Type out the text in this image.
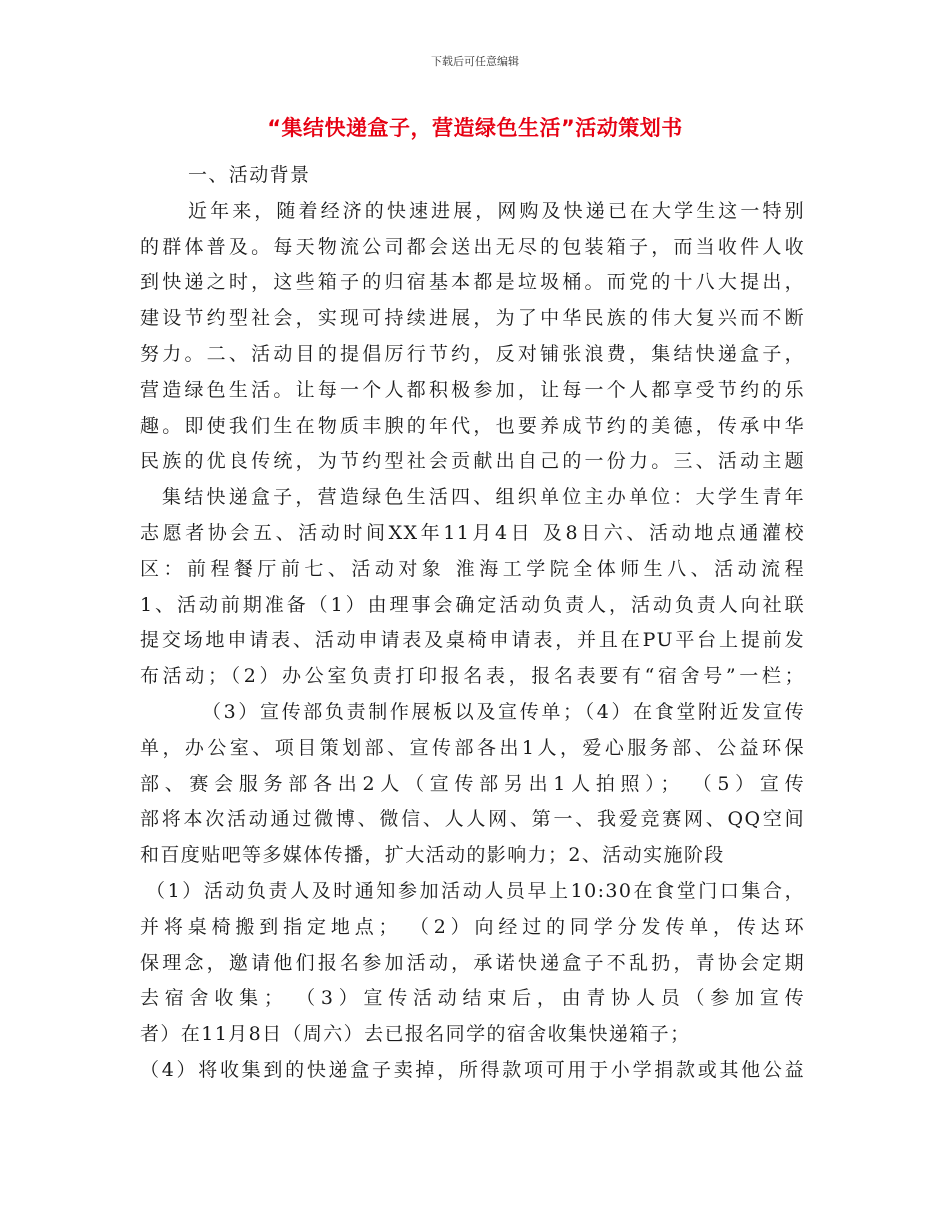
下载后可任意编辑
“集结快递盒子，营造绿色生活”活动策划书
一、活动背景
近年来，随着经济的快速进展，网购及快递已在大学生这一特别
的群体普及。每天物流公司都会送出无尽的包装箱子，而当收件人收
到快递之时，这些箱子的归宿基本都是垃圾桶。而党的十八大提出，
建设节约型社会，实现可持续进展，为了中华民族的伟大复兴而不断
努力。二、活动目的提倡厉行节约，反对铺张浪费，集结快递盒子，
营造绿色生活。让每一个人都积极参加，让每一个人都享受节约的乐
趣。即使我们生在物质丰腴的年代，也要养成节约的美德，传承中华
民族的优良传统，为节约型社会贡献出自己的一份力。三、活动主题
集结快递盒子，营造绿色生活四、组织单位主办单位：大学生青年
志愿者协会五、活动时间XX年11月4日 及8日六、活动地点通灌校
区：前程餐厅前七、活动对象 淮海工学院全体师生八、活动流程
1、活动前期准备（1）由理事会确定活动负责人，活动负责人向社联
提交场地申请表、活动申请表及桌椅申请表，并且在PU平台上提前发
布活动；（2）办公室负责打印报名表，报名表要有“宿舍号”一栏；
（3）宣传部负责制作展板以及宣传单；（4）在食堂附近发宣传
单，办公室、项目策划部、宣传部各出1人，爱心服务部、公益环保
部、赛会服务部各出2人（宣传部另出1人拍照）； （5）宣传
部将本次活动通过微博、微信、人人网、第一、我爱竞赛网、QQ空间
和百度贴吧等多媒体传播，扩大活动的影响力；2、活动实施阶段
（1）活动负责人及时通知参加活动人员早上10:30在食堂门口集合，
并将桌椅搬到指定地点； （2）向经过的同学分发传单，传达环
保理念，邀请他们报名参加活动，承诺快递盒子不乱扔，青协会定期
去宿舍收集； （3）宣传活动结束后，由青协人员（参加宣传
者）在11月8日（周六）去已报名同学的宿舍收集快递箱子；
（4）将收集到的快递盒子卖掉，所得款项可用于小学捐款或其他公益
